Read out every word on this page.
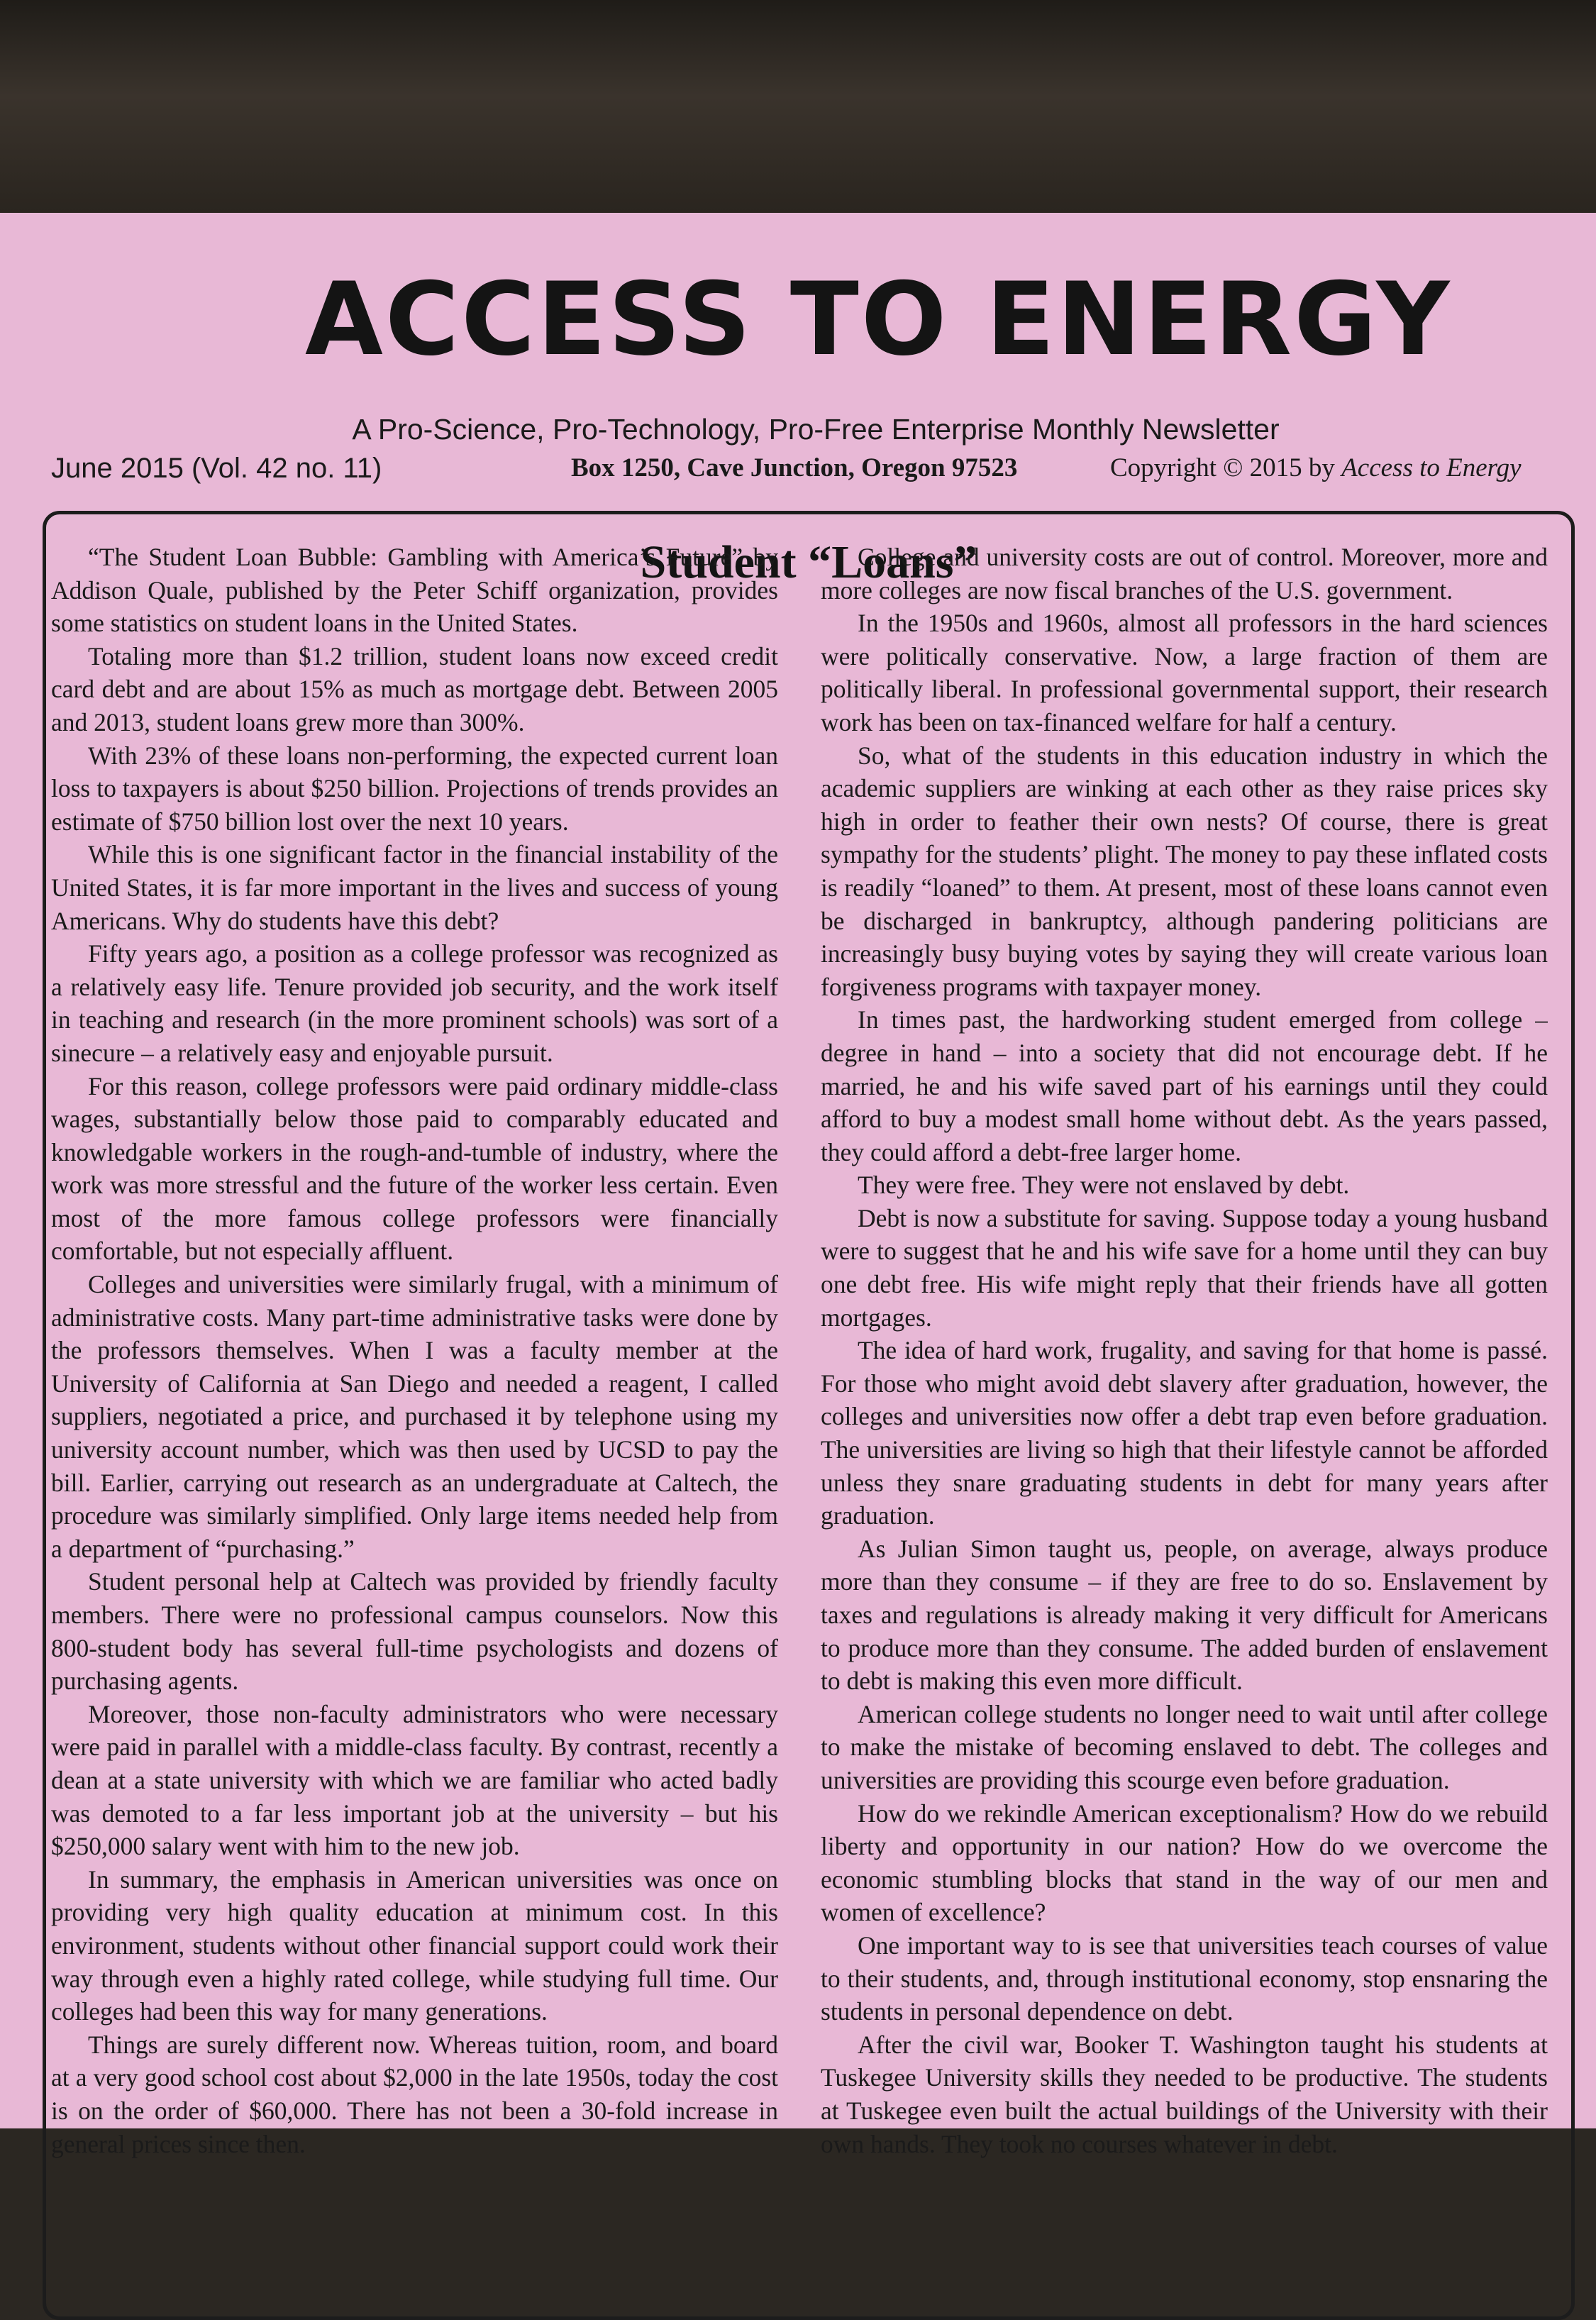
ACCESS TO ENERGY
A Pro-Science, Pro-Technology, Pro-Free Enterprise Monthly Newsletter
June 2015 (Vol. 42 no. 11)	Box 1250, Cave Junction, Oregon 97523	Copyright © 2015 by Access to Energy
Student “Loans”

“The Student Loan Bubble: Gambling with America’s Future” by Addison Quale, published by the Peter Schiff organization, provides some statistics on student loans in the United States.

Totaling more than $1.2 trillion, student loans now exceed credit card debt and are about 15% as much as mortgage debt. Between 2005 and 2013, student loans grew more than 300%.

With 23% of these loans non-performing, the expected current loan loss to taxpayers is about $250 billion. Projections of trends provides an estimate of $750 billion lost over the next 10 years.

While this is one significant factor in the financial instability of the United States, it is far more important in the lives and success of young Americans. Why do students have this debt?

Fifty years ago, a position as a college professor was recognized as a relatively easy life. Tenure provided job security, and the work itself in teaching and research (in the more prominent schools) was sort of a sinecure – a relatively easy and enjoyable pursuit.

For this reason, college professors were paid ordinary middle-class wages, substantially below those paid to comparably educated and knowledgable workers in the rough-and-tumble of industry, where the work was more stressful and the future of the worker less certain. Even most of the more famous college professors were financially comfortable, but not especially affluent.

Colleges and universities were similarly frugal, with a minimum of administrative costs. Many part-time administrative tasks were done by the professors themselves. When I was a faculty member at the University of California at San Diego and needed a reagent, I called suppliers, negotiated a price, and purchased it by telephone using my university account number, which was then used by UCSD to pay the bill. Earlier, carrying out research as an undergraduate at Caltech, the procedure was similarly simplified. Only large items needed help from a department of “purchasing.”

Student personal help at Caltech was provided by friendly faculty members. There were no professional campus counselors. Now this 800-student body has several full-time psychologists and dozens of purchasing agents.

Moreover, those non-faculty administrators who were necessary were paid in parallel with a middle-class faculty. By contrast, recently a dean at a state university with which we are familiar who acted badly was demoted to a far less important job at the university – but his $250,000 salary went with him to the new job.

In summary, the emphasis in American universities was once on providing very high quality education at minimum cost. In this environment, students without other financial support could work their way through even a highly rated college, while studying full time. Our colleges had been this way for many generations.

Things are surely different now. Whereas tuition, room, and board at a very good school cost about $2,000 in the late 1950s, today the cost is on the order of $60,000. There has not been a 30-fold increase in general prices since then.

College and university costs are out of control. Moreover, more and more colleges are now fiscal branches of the U.S. government.

In the 1950s and 1960s, almost all professors in the hard sciences were politically conservative. Now, a large fraction of them are politically liberal. In professional governmental support, their research work has been on tax-financed welfare for half a century.

So, what of the students in this education industry in which the academic suppliers are winking at each other as they raise prices sky high in order to feather their own nests? Of course, there is great sympathy for the students’ plight. The money to pay these inflated costs is readily “loaned” to them. At present, most of these loans cannot even be discharged in bankruptcy, although pandering politicians are increasingly busy buying votes by saying they will create various loan forgiveness programs with taxpayer money.

In times past, the hardworking student emerged from college – degree in hand – into a society that did not encourage debt. If he married, he and his wife saved part of his earnings until they could afford to buy a modest small home without debt. As the years passed, they could afford a debt-free larger home.

They were free. They were not enslaved by debt.

Debt is now a substitute for saving. Suppose today a young husband were to suggest that he and his wife save for a home until they can buy one debt free. His wife might reply that their friends have all gotten mortgages.

The idea of hard work, frugality, and saving for that home is passé. For those who might avoid debt slavery after graduation, however, the colleges and universities now offer a debt trap even before graduation. The universities are living so high that their lifestyle cannot be afforded unless they snare graduating students in debt for many years after graduation.

As Julian Simon taught us, people, on average, always produce more than they consume – if they are free to do so. Enslavement by taxes and regulations is already making it very difficult for Americans to produce more than they consume. The added burden of enslavement to debt is making this even more difficult.

American college students no longer need to wait until after college to make the mistake of becoming enslaved to debt. The colleges and universities are providing this scourge even before graduation.

How do we rekindle American exceptionalism? How do we rebuild liberty and opportunity in our nation? How do we overcome the economic stumbling blocks that stand in the way of our men and women of excellence?

One important way to is see that universities teach courses of value to their students, and, through institutional economy, stop ensnaring the students in personal dependence on debt.

After the civil war, Booker T. Washington taught his students at Tuskegee University skills they needed to be productive. The students at Tuskegee even built the actual buildings of the University with their own hands. They took no courses whatever in debt.
